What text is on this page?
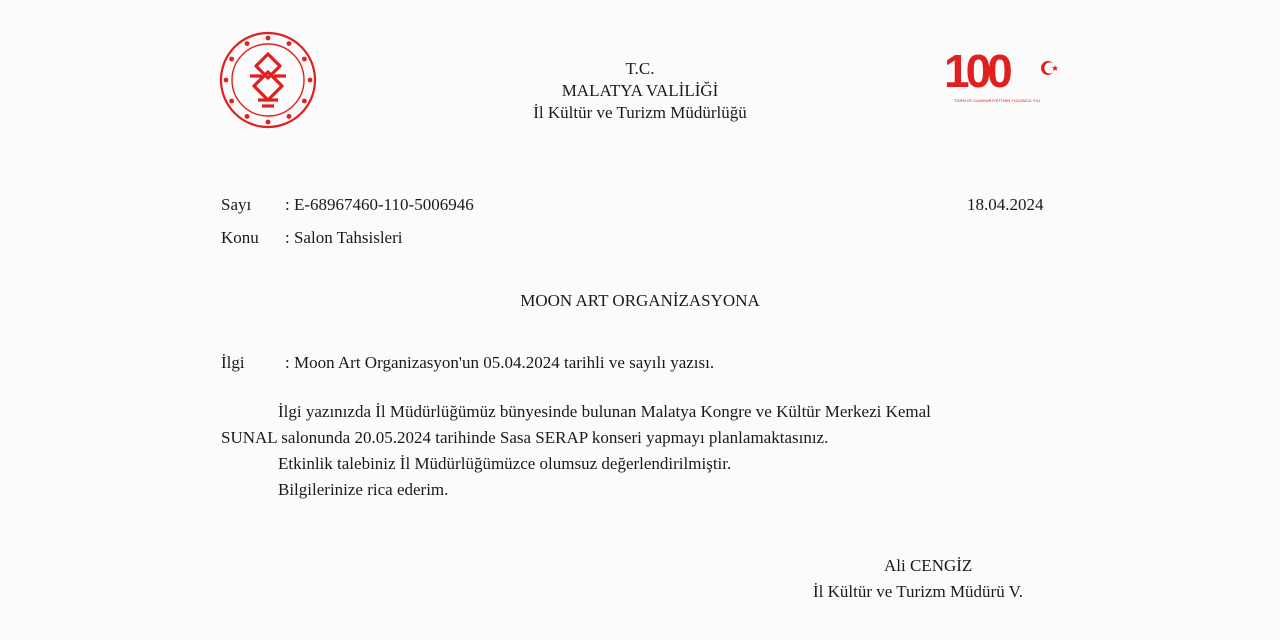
T.C.
MALATYA VALİLİĞİ
İl Kültür ve Turizm Müdürlüğü
100
TÜRKİYE CUMHURİYETİ'NİN YÜZÜNCÜ YILI
Sayı : E-68967460-110-5006946	18.04.2024
Konu : Salon Tahsisleri
MOON ART ORGANİZASYONA
İlgi : Moon Art Organizasyon'un 05.04.2024 tarihli ve sayılı yazısı.
İlgi yazınızda İl Müdürlüğümüz bünyesinde bulunan Malatya Kongre ve Kültür Merkezi Kemal
SUNAL salonunda 20.05.2024 tarihinde Sasa SERAP konseri yapmayı planlamaktasınız.
Etkinlik talebiniz İl Müdürlüğümüzce olumsuz değerlendirilmiştir.
Bilgilerinize rica ederim.
Ali CENGİZ
İl Kültür ve Turizm Müdürü V.
